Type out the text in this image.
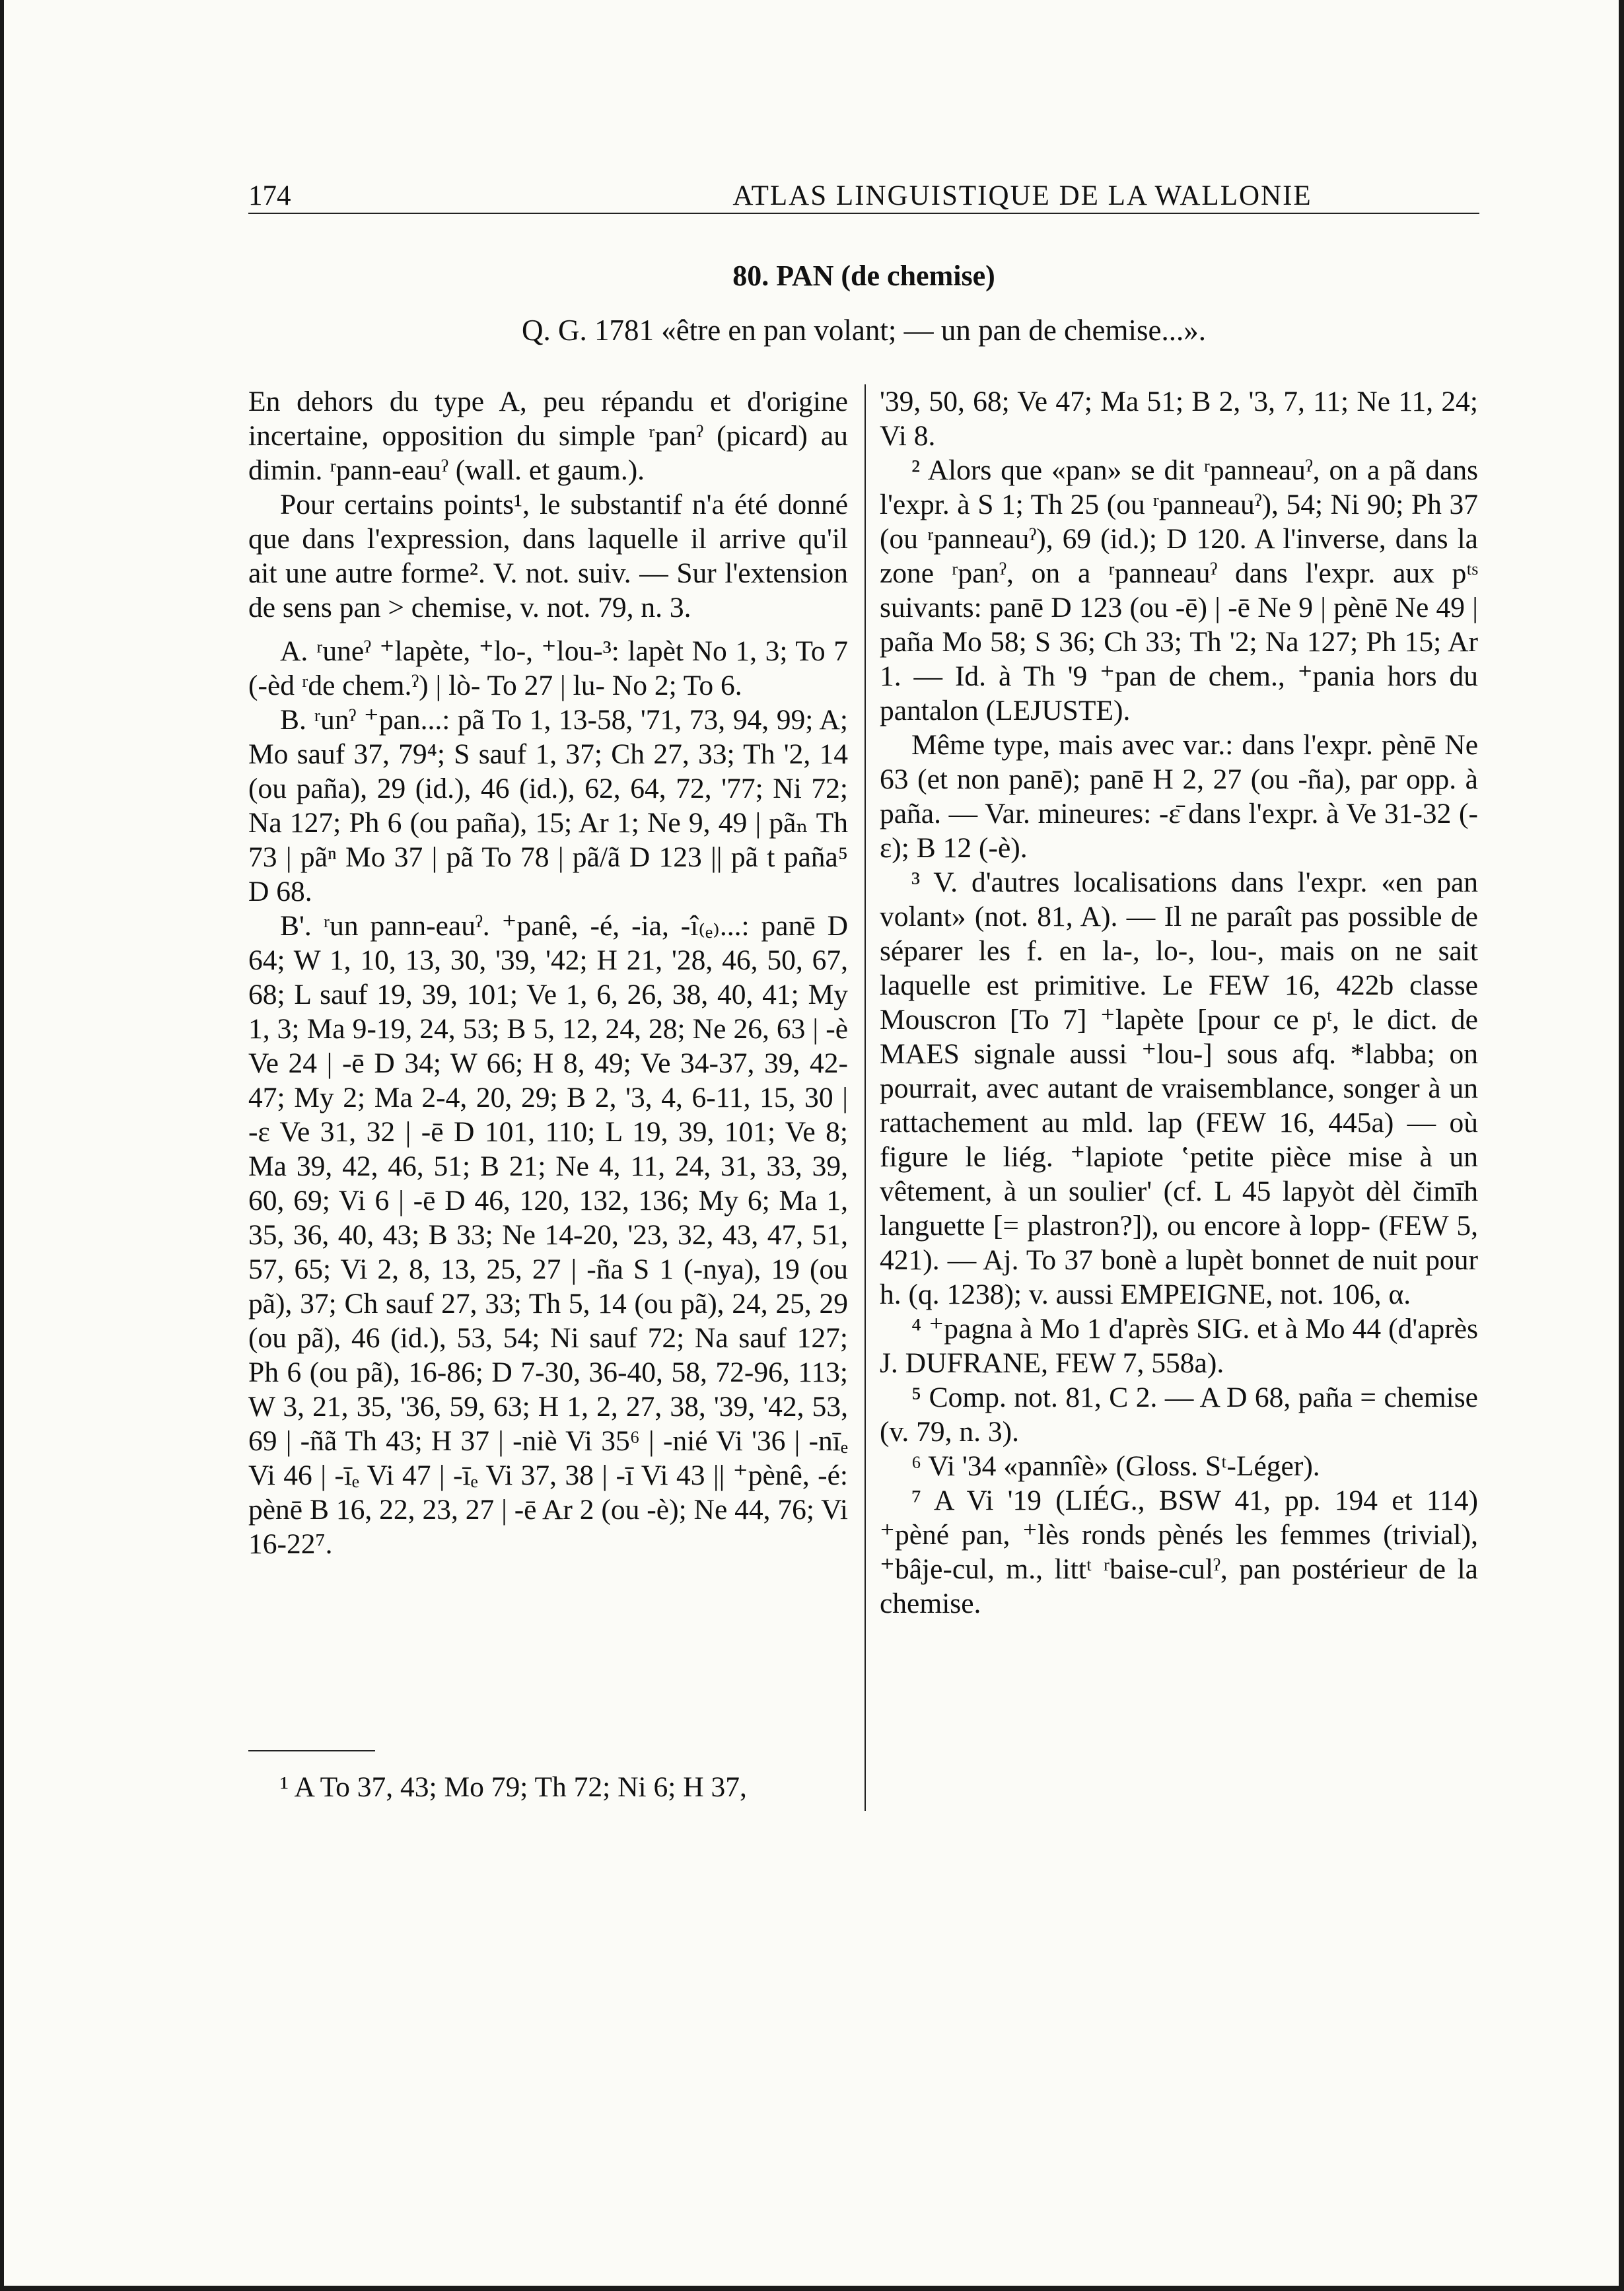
174	ATLAS LINGUISTIQUE DE LA WALLONIE
80. PAN (de chemise)
Q. G. 1781 «être en pan volant; — un pan de chemise...».

En dehors du type A, peu répandu et d'origine incertaine, opposition du simple ʳpanˀ (picard) au dimin. ʳpann-eauˀ (wall. et gaum.).

Pour certains points¹, le substantif n'a été donné que dans l'expression, dans laquelle il arrive qu'il ait une autre forme². V. not. suiv. — Sur l'extension de sens pan > chemise, v. not. 79, n. 3.

A. ʳuneˀ ⁺lapète, ⁺lo-, ⁺lou-³: lapèt No 1, 3; To 7 (-èd ʳde chem.ˀ) | lò- To 27 | lu- No 2; To 6.

B. ʳunˀ ⁺pan...: pã To 1, 13-58, '71, 73, 94, 99; A; Mo sauf 37, 79⁴; S sauf 1, 37; Ch 27, 33; Th '2, 14 (ou paña), 29 (id.), 46 (id.), 62, 64, 72, '77; Ni 72; Na 127; Ph 6 (ou paña), 15; Ar 1; Ne 9, 49 | pãₙ Th 73 | pãⁿ Mo 37 | pã To 78 | pã/ã D 123 || pã t paña⁵ D 68.

B'. ʳun pann-eauˀ. ⁺panê, -é, -ia, -î₍ₑ₎...: panē D 64; W 1, 10, 13, 30, '39, '42; H 21, '28, 46, 50, 67, 68; L sauf 19, 39, 101; Ve 1, 6, 26, 38, 40, 41; My 1, 3; Ma 9-19, 24, 53; B 5, 12, 24, 28; Ne 26, 63 | -è Ve 24 | -ē D 34; W 66; H 8, 49; Ve 34-37, 39, 42-47; My 2; Ma 2-4, 20, 29; B 2, '3, 4, 6-11, 15, 30 | -ɛ Ve 31, 32 | -ē D 101, 110; L 19, 39, 101; Ve 8; Ma 39, 42, 46, 51; B 21; Ne 4, 11, 24, 31, 33, 39, 60, 69; Vi 6 | -ē D 46, 120, 132, 136; My 6; Ma 1, 35, 36, 40, 43; B 33; Ne 14-20, '23, 32, 43, 47, 51, 57, 65; Vi 2, 8, 13, 25, 27 | -ña S 1 (-nya), 19 (ou pã), 37; Ch sauf 27, 33; Th 5, 14 (ou pã), 24, 25, 29 (ou pã), 46 (id.), 53, 54; Ni sauf 72; Na sauf 127; Ph 6 (ou pã), 16-86; D 7-30, 36-40, 58, 72-96, 113; W 3, 21, 35, '36, 59, 63; H 1, 2, 27, 38, '39, '42, 53, 69 | -ñã Th 43; H 37 | -niè Vi 35⁶ | -nié Vi '36 | -nīₑ Vi 46 | -īₑ Vi 47 | -īₑ Vi 37, 38 | -ī Vi 43 || ⁺pènê, -é: pènē B 16, 22, 23, 27 | -ē Ar 2 (ou -è); Ne 44, 76; Vi 16-22⁷.

¹ A To 37, 43; Mo 79; Th 72; Ni 6; H 37,

'39, 50, 68; Ve 47; Ma 51; B 2, '3, 7, 11; Ne 11, 24; Vi 8.

² Alors que «pan» se dit ʳpanneauˀ, on a pã dans l'expr. à S 1; Th 25 (ou ʳpanneauˀ), 54; Ni 90; Ph 37 (ou ʳpanneauˀ), 69 (id.); D 120. A l'inverse, dans la zone ʳpanˀ, on a ʳpanneauˀ dans l'expr. aux pᵗˢ suivants: panē D 123 (ou -ē) | -ē Ne 9 | pènē Ne 49 | paña Mo 58; S 36; Ch 33; Th '2; Na 127; Ph 15; Ar 1. — Id. à Th '9 ⁺pan de chem., ⁺pania hors du pantalon (LEJUSTE).

Même type, mais avec var.: dans l'expr. pènē Ne 63 (et non panē); panē H 2, 27 (ou -ña), par opp. à paña. — Var. mineures: -ɛ̄ dans l'expr. à Ve 31-32 (-ɛ); B 12 (-è).

³ V. d'autres localisations dans l'expr. «en pan volant» (not. 81, A). — Il ne paraît pas possible de séparer les f. en la-, lo-, lou-, mais on ne sait laquelle est primitive. Le FEW 16, 422b classe Mouscron [To 7] ⁺lapète [pour ce pᵗ, le dict. de MAES signale aussi ⁺lou-] sous afq. *labba; on pourrait, avec autant de vraisemblance, songer à un rattachement au mld. lap (FEW 16, 445a) — où figure le liég. ⁺lapiote ʽpetite pièce mise à un vêtement, à un soulier' (cf. L 45 lapyòt dèl čimīh languette [= plastron?]), ou encore à lopp- (FEW 5, 421). — Aj. To 37 bonè a lupèt bonnet de nuit pour h. (q. 1238); v. aussi EMPEIGNE, not. 106, α.

⁴ ⁺pagna à Mo 1 d'après SIG. et à Mo 44 (d'après J. DUFRANE, FEW 7, 558a).

⁵ Comp. not. 81, C 2. — A D 68, paña = chemise (v. 79, n. 3).

⁶ Vi '34 «pannîè» (Gloss. Sᵗ-Léger).

⁷ A Vi '19 (LIÉG., BSW 41, pp. 194 et 114) ⁺pèné pan, ⁺lès ronds pènés les femmes (trivial), ⁺bâje-cul, m., littᵗ ʳbaise-culˀ, pan postérieur de la chemise.
